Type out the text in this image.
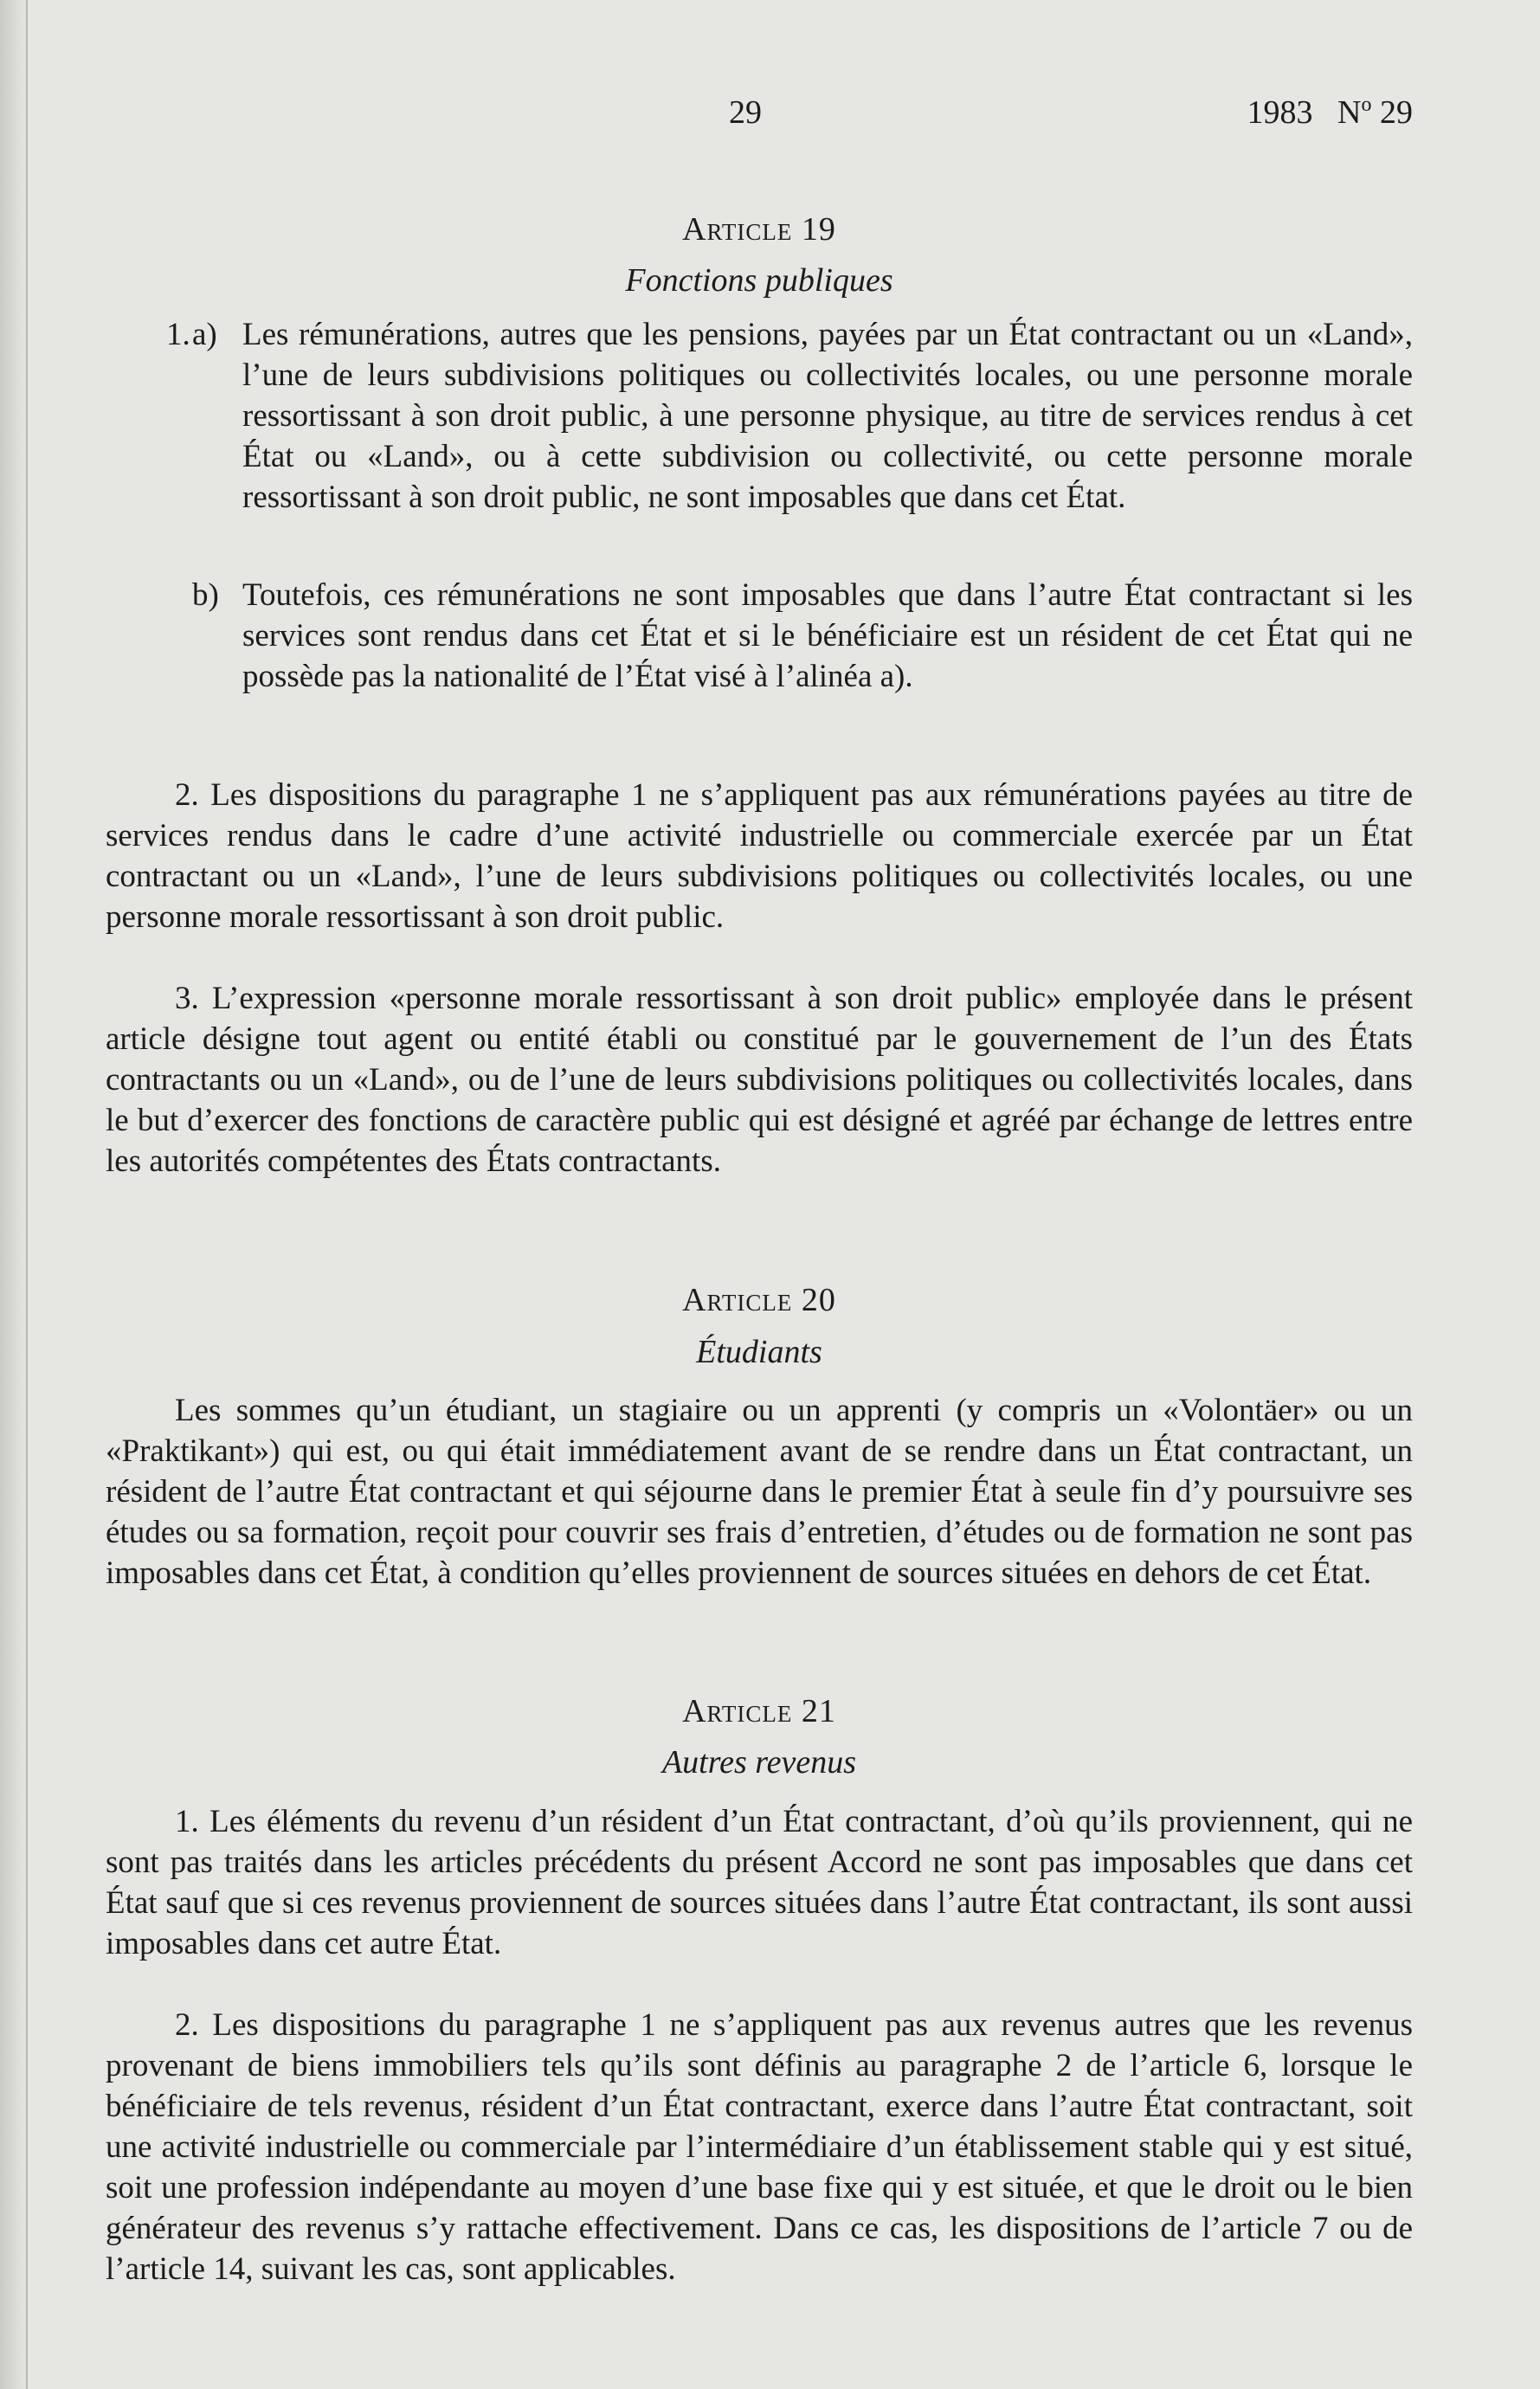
29	1983 $N^o$ 29
Article 19
Fonctions publiques
1. a) Les rémunérations, autres que les pensions, payées par un État contractant ou un «Land», l’une de leurs subdivisions politiques ou collectivités locales, ou une personne morale ressortissant à son droit public, à une personne physique, au titre de services rendus à cet État ou «Land», ou à cette subdivision ou collectivité, ou cette personne morale ressortissant à son droit public, ne sont imposables que dans cet État.
b) Toutefois, ces rémunérations ne sont imposables que dans l’autre État contractant si les services sont rendus dans cet État et si le bénéficiaire est un résident de cet État qui ne possède pas la nationalité de l’État visé à l’alinéa a).
2. Les dispositions du paragraphe 1 ne s’appliquent pas aux rémunérations payées au titre de services rendus dans le cadre d’une activité industrielle ou commerciale exercée par un État contractant ou un «Land», l’une de leurs subdivisions politiques ou collectivités locales, ou une personne morale ressortissant à son droit public.
3. L’expression «personne morale ressortissant à son droit public» employée dans le présent article désigne tout agent ou entité établi ou constitué par le gouvernement de l’un des États contractants ou un «Land», ou de l’une de leurs subdivisions politiques ou collectivités locales, dans le but d’exercer des fonctions de caractère public qui est désigné et agréé par échange de lettres entre les autorités compétentes des États contractants.
Article 20
Étudiants
Les sommes qu’un étudiant, un stagiaire ou un apprenti (y compris un «Volontäer» ou un «Praktikant») qui est, ou qui était immédiatement avant de se rendre dans un État contractant, un résident de l’autre État contractant et qui séjourne dans le premier État à seule fin d’y poursuivre ses études ou sa formation, reçoit pour couvrir ses frais d’entretien, d’études ou de formation ne sont pas imposables dans cet État, à condition qu’elles proviennent de sources situées en dehors de cet État.
Article 21
Autres revenus
1. Les éléments du revenu d’un résident d’un État contractant, d’où qu’ils proviennent, qui ne sont pas traités dans les articles précédents du présent Accord ne sont pas imposables que dans cet État sauf que si ces revenus proviennent de sources situées dans l’autre État contractant, ils sont aussi imposables dans cet autre État.
2. Les dispositions du paragraphe 1 ne s’appliquent pas aux revenus autres que les revenus provenant de biens immobiliers tels qu’ils sont définis au paragraphe 2 de l’article 6, lorsque le bénéficiaire de tels revenus, résident d’un État contractant, exerce dans l’autre État contractant, soit une activité industrielle ou commerciale par l’intermédiaire d’un établissement stable qui y est situé, soit une profession indépendante au moyen d’une base fixe qui y est située, et que le droit ou le bien générateur des revenus s’y rattache effectivement. Dans ce cas, les dispositions de l’article 7 ou de l’article 14, suivant les cas, sont applicables.
